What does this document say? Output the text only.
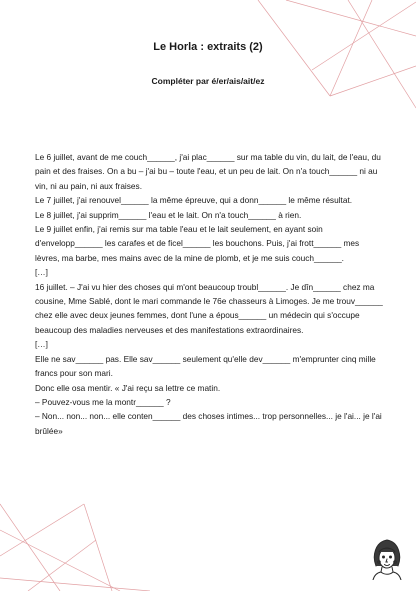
Le Horla : extraits (2)
Compléter par é/er/ais/ait/ez

Le 6 juillet, avant de me couch______, j'ai plac______ sur ma table du vin, du lait, de l'eau, du pain et des fraises. On a bu – j'ai bu – toute l'eau, et un peu de lait. On n'a touch______ ni au vin, ni au pain, ni aux fraises.

Le 7 juillet, j'ai renouvel______ la même épreuve, qui a donn______ le même résultat.

Le 8 juillet, j'ai supprim______ l'eau et le lait. On n'a touch______ à rien.

Le 9 juillet enfin, j'ai remis sur ma table l'eau et le lait seulement, en ayant soin d'envelopp______ les carafes et de ficel______ les bouchons. Puis, j'ai frott______ mes lèvres, ma barbe, mes mains avec de la mine de plomb, et je me suis couch______.

[…]

16 juillet. – J'ai vu hier des choses qui m'ont beaucoup troubl______. Je dîn______ chez ma cousine, Mme Sablé, dont le mari commande le 76e chasseurs à Limoges. Je me trouv______ chez elle avec deux jeunes femmes, dont l'une a épous______ un médecin qui s'occupe beaucoup des maladies nerveuses et des manifestations extraordinaires.

[…]

Elle ne sav______ pas. Elle sav______ seulement qu'elle dev______ m'emprunter cinq mille francs pour son mari.

Donc elle osa mentir. « J'ai reçu sa lettre ce matin.

– Pouvez-vous me la montr______ ?

– Non... non... non... elle conten______ des choses intimes... trop personnelles... je l'ai... je l'ai brûlée»
